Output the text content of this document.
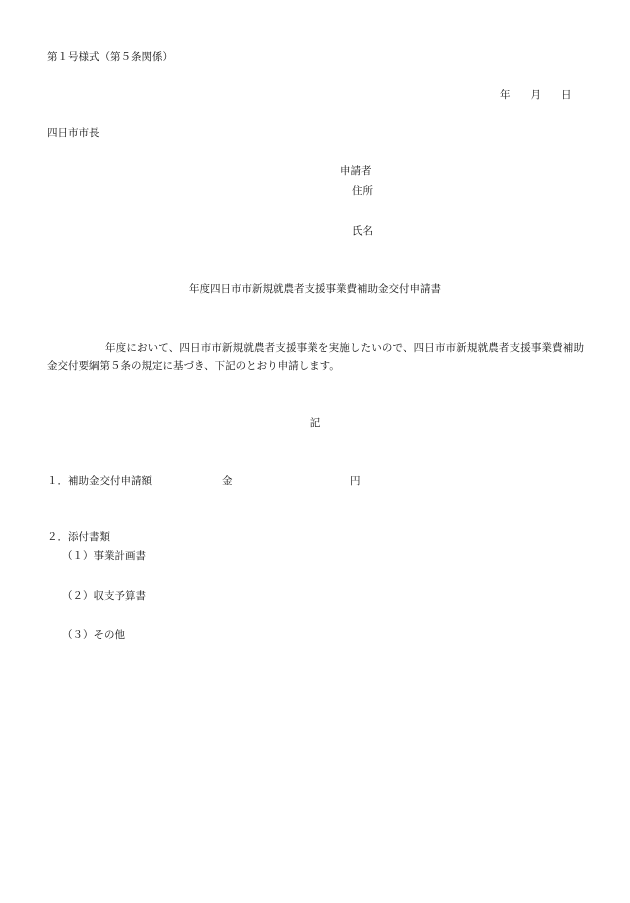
第１号様式（第５条関係）
年 月 日
四日市市長
申請者
住所
氏名
年度四日市市新規就農者支援事業費補助金交付申請書
年度において、四日市市新規就農者支援事業を実施したいので、四日市市新規就農者支援事業費補助金交付要綱第５条の規定に基づき、下記のとおり申請します。
記
１．補助金交付申請額	金	円
２．添付書類
（１）事業計画書
（２）収支予算書
（３）その他
